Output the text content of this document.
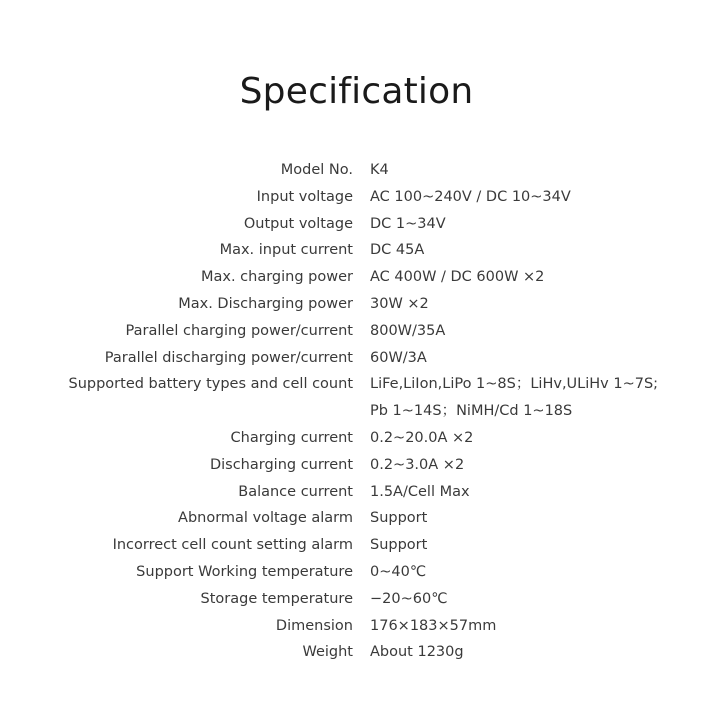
Specification
Model No. K4
Input voltage AC 100~240V / DC 10~34V
Output voltage DC 1~34V
Max. input current DC 45A
Max. charging power AC 400W / DC 600W ×2
Max. Discharging power 30W ×2
Parallel charging power/current 800W/35A
Parallel discharging power/current 60W/3A
Supported battery types and cell count LiFe,LiIon,LiPo 1~8S；LiHv,ULiHv 1~7S;
Pb 1~14S；NiMH/Cd 1~18S
Charging current 0.2~20.0A ×2
Discharging current 0.2~3.0A ×2
Balance current 1.5A/Cell Max
Abnormal voltage alarm Support
Incorrect cell count setting alarm Support
Support Working temperature 0~40℃
Storage temperature −20~60℃
Dimension 176×183×57mm
Weight About 1230g
